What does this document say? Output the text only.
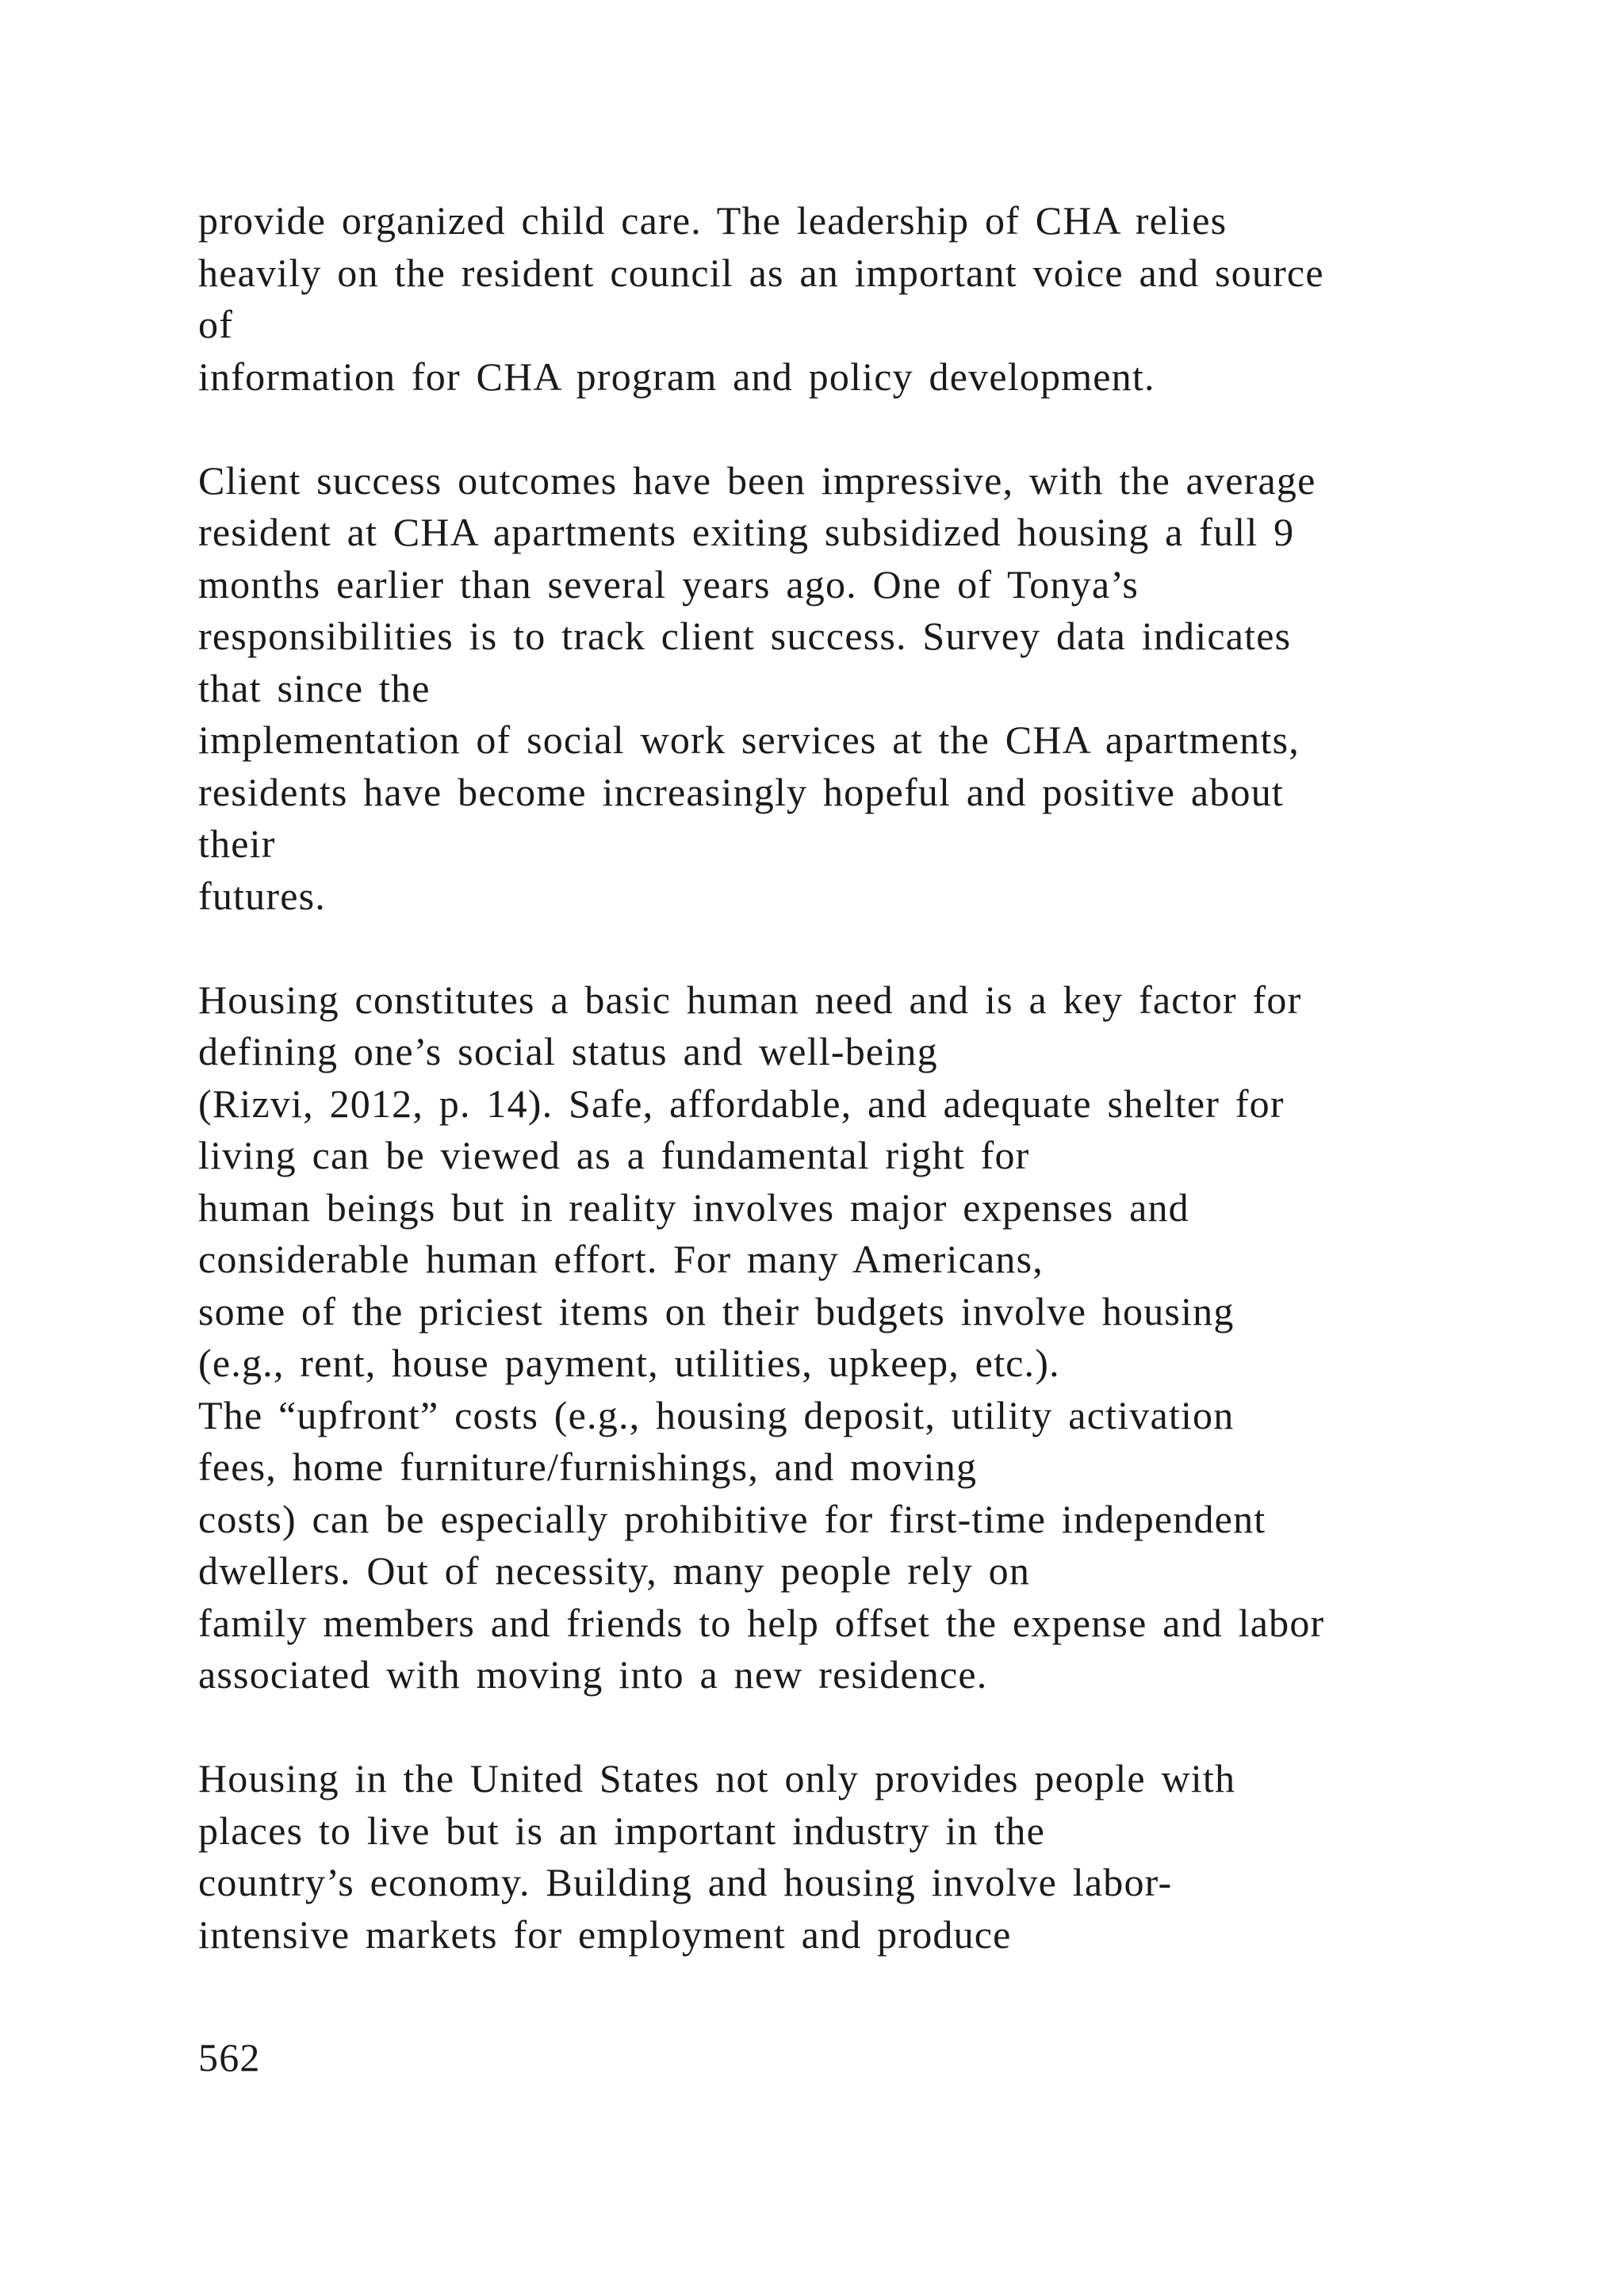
provide organized child care. The leadership of CHA relies
heavily on the resident council as an important voice and source
of
information for CHA program and policy development.

Client success outcomes have been impressive, with the average
resident at CHA apartments exiting subsidized housing a full 9
months earlier than several years ago. One of Tonya’s
responsibilities is to track client success. Survey data indicates
that since the
implementation of social work services at the CHA apartments,
residents have become increasingly hopeful and positive about
their
futures.

Housing constitutes a basic human need and is a key factor for
defining one’s social status and well-being
(Rizvi, 2012, p. 14). Safe, affordable, and adequate shelter for
living can be viewed as a fundamental right for
human beings but in reality involves major expenses and
considerable human effort. For many Americans,
some of the priciest items on their budgets involve housing
(e.g., rent, house payment, utilities, upkeep, etc.).
The “upfront” costs (e.g., housing deposit, utility activation
fees, home furniture/furnishings, and moving
costs) can be especially prohibitive for first-time independent
dwellers. Out of necessity, many people rely on
family members and friends to help offset the expense and labor
associated with moving into a new residence.

Housing in the United States not only provides people with
places to live but is an important industry in the
country’s economy. Building and housing involve labor-
intensive markets for employment and produce

562
